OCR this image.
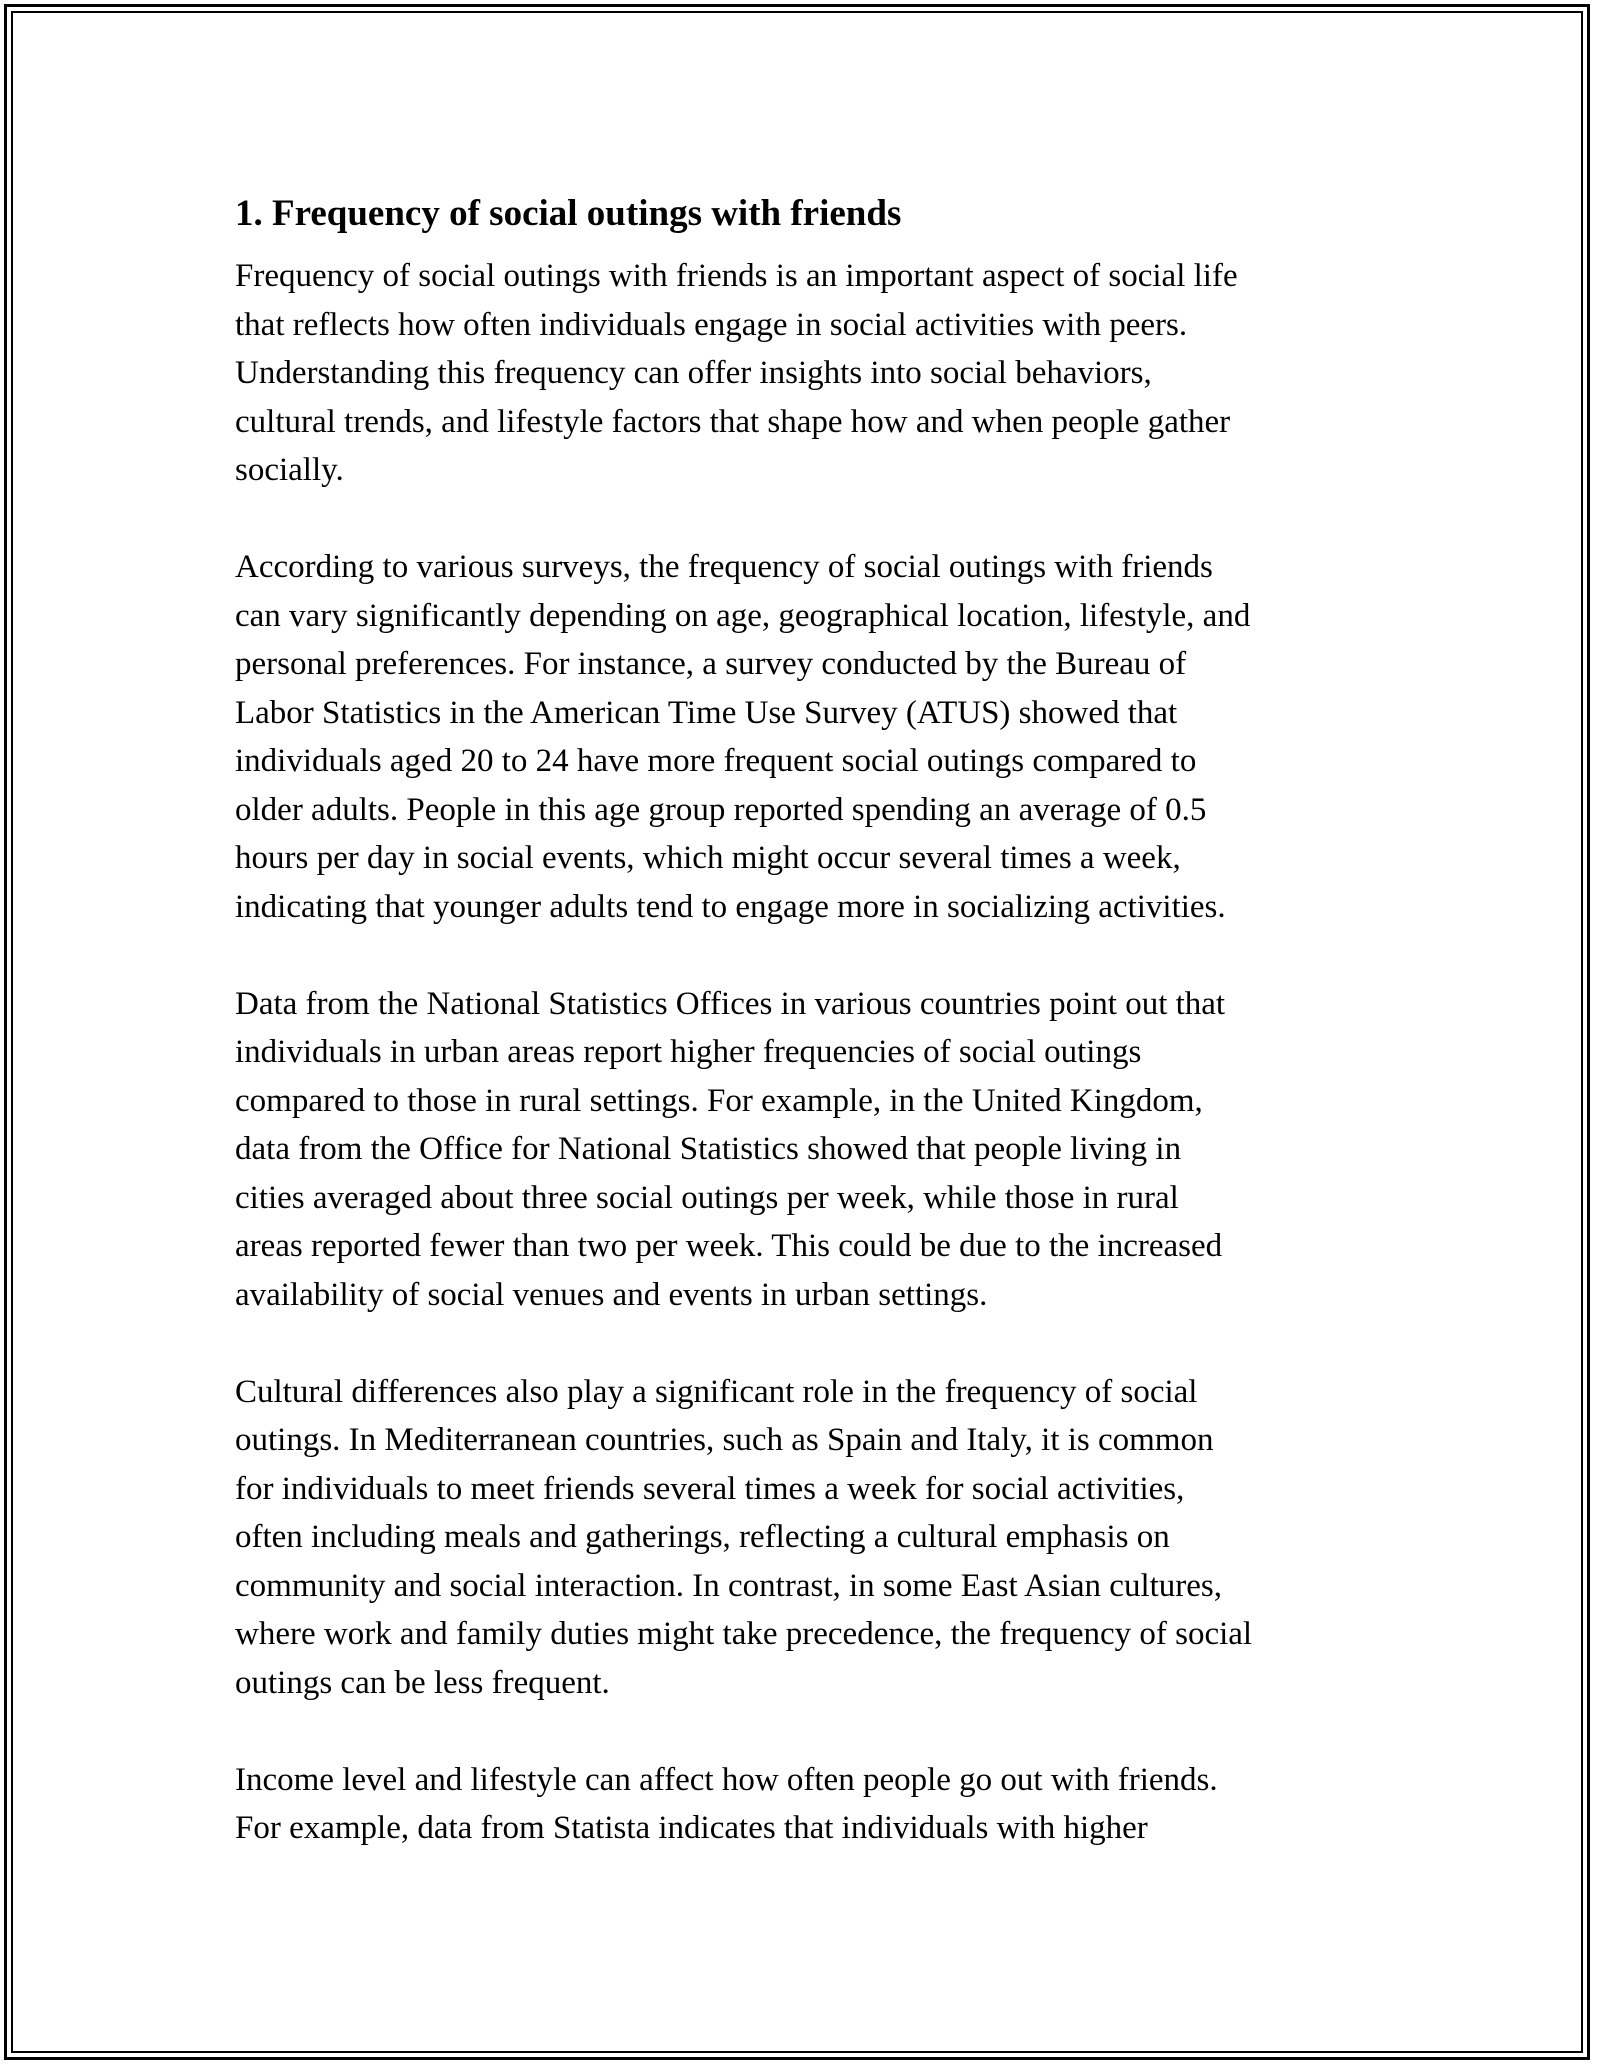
1. Frequency of social outings with friends

Frequency of social outings with friends is an important aspect of social life
that reflects how often individuals engage in social activities with peers.
Understanding this frequency can offer insights into social behaviors,
cultural trends, and lifestyle factors that shape how and when people gather
socially.

According to various surveys, the frequency of social outings with friends
can vary significantly depending on age, geographical location, lifestyle, and
personal preferences. For instance, a survey conducted by the Bureau of
Labor Statistics in the American Time Use Survey (ATUS) showed that
individuals aged 20 to 24 have more frequent social outings compared to
older adults. People in this age group reported spending an average of 0.5
hours per day in social events, which might occur several times a week,
indicating that younger adults tend to engage more in socializing activities.

Data from the National Statistics Offices in various countries point out that
individuals in urban areas report higher frequencies of social outings
compared to those in rural settings. For example, in the United Kingdom,
data from the Office for National Statistics showed that people living in
cities averaged about three social outings per week, while those in rural
areas reported fewer than two per week. This could be due to the increased
availability of social venues and events in urban settings.

Cultural differences also play a significant role in the frequency of social
outings. In Mediterranean countries, such as Spain and Italy, it is common
for individuals to meet friends several times a week for social activities,
often including meals and gatherings, reflecting a cultural emphasis on
community and social interaction. In contrast, in some East Asian cultures,
where work and family duties might take precedence, the frequency of social
outings can be less frequent.

Income level and lifestyle can affect how often people go out with friends.
For example, data from Statista indicates that individuals with higher
